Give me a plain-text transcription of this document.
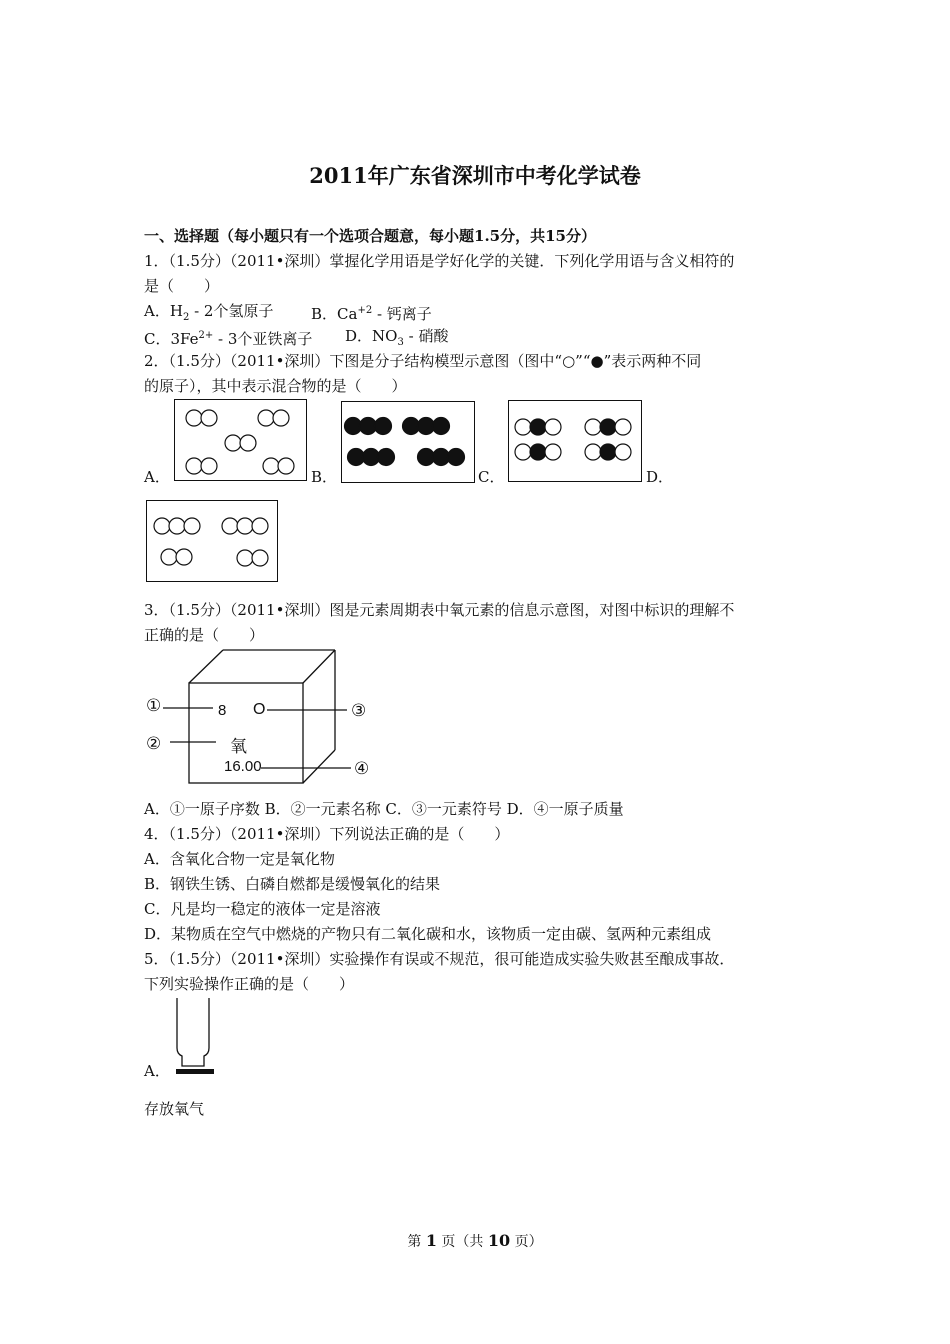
2011年广东省深圳市中考化学试卷
一、选择题（每小题只有一个选项合题意，每小题1.5分，共15分）
1．（1.5分）（2011•深圳）掌握化学用语是学好化学的关键．下列化学用语与含义相符的
是（　　）
A．$H_2 - 2$个氢原子	B．$Ca^{+2}$ - 钙离子
C．$3Fe^{2+} - 3$个亚铁离子 D．$NO_3$ - 硝酸
2．（1.5分）（2011•深圳）下图是分子结构模型示意图（图中“○”“●”表示两种不同
的原子），其中表示混合物的是（　　）
A．	B．	C．	D．
3．（1.5分）（2011•深圳）图是元素周期表中氧元素的信息示意图，对图中标识的理解不
正确的是（　　）
①
②
③
④
8 O
氧
16.00
A．①一原子序数 B．②一元素名称 C．③一元素符号 D．④一原子质量
4．（1.5分）（2011•深圳）下列说法正确的是（　　）
A．含氧化合物一定是氧化物
B．钢铁生锈、白磷自燃都是缓慢氧化的结果
C．凡是均一稳定的液体一定是溶液
D．某物质在空气中燃烧的产物只有二氧化碳和水，该物质一定由碳、氢两种元素组成
5．（1.5分）（2011•深圳）实验操作有误或不规范，很可能造成实验失败甚至酿成事故．
下列实验操作正确的是（　　）
A．
存放氧气
第 1 页（共 10 页）
